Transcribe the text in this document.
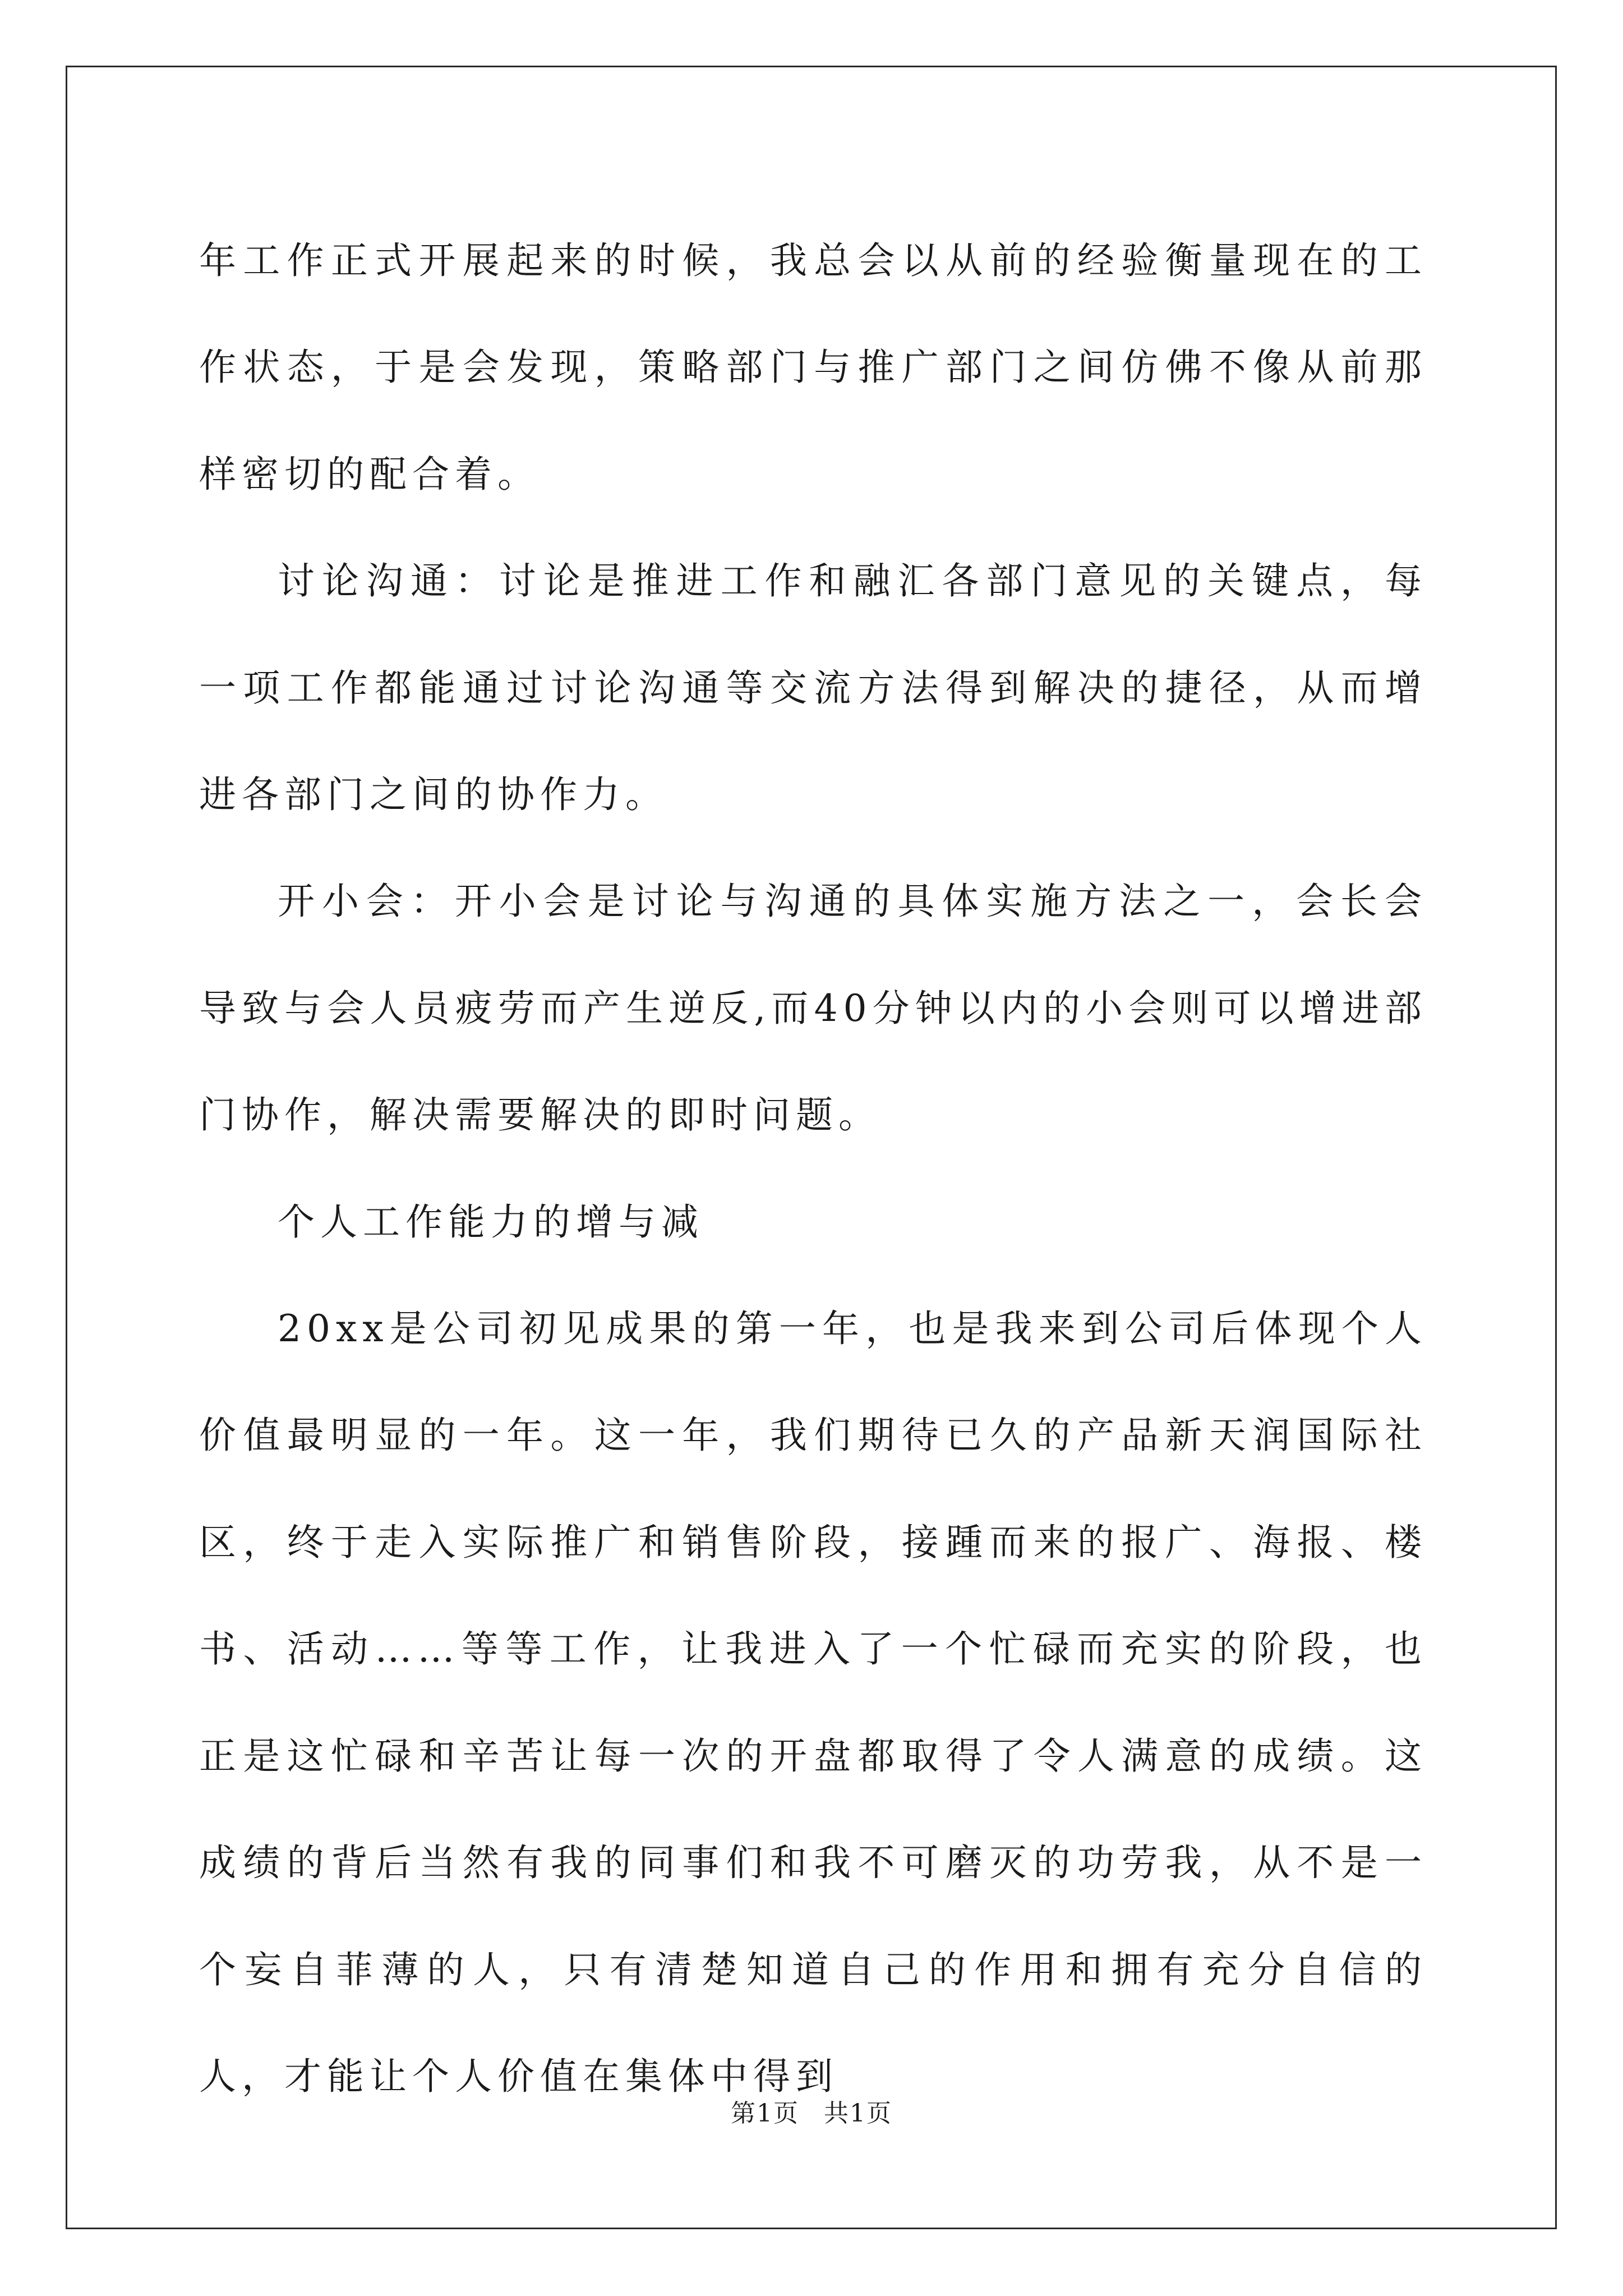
年工作正式开展起来的时候，我总会以从前的经验衡量现在的工作状态，于是会发现，策略部门与推广部门之间仿佛不像从前那样密切的配合着。

讨论沟通：讨论是推进工作和融汇各部门意见的关键点，每一项工作都能通过讨论沟通等交流方法得到解决的捷径，从而增进各部门之间的协作力。

开小会：开小会是讨论与沟通的具体实施方法之一，会长会导致与会人员疲劳而产生逆反,而40分钟以内的小会则可以增进部门协作，解决需要解决的即时问题。

个人工作能力的增与减

20xx是公司初见成果的第一年，也是我来到公司后体现个人价值最明显的一年。这一年，我们期待已久的产品新天润国际社区，终于走入实际推广和销售阶段，接踵而来的报广、海报、楼书、活动……等等工作，让我进入了一个忙碌而充实的阶段，也正是这忙碌和辛苦让每一次的开盘都取得了令人满意的成绩。这成绩的背后当然有我的同事们和我不可磨灭的功劳我，从不是一个妄自菲薄的人，只有清楚知道自己的作用和拥有充分自信的人，才能让个人价值在集体中得到

第1页 共1页
